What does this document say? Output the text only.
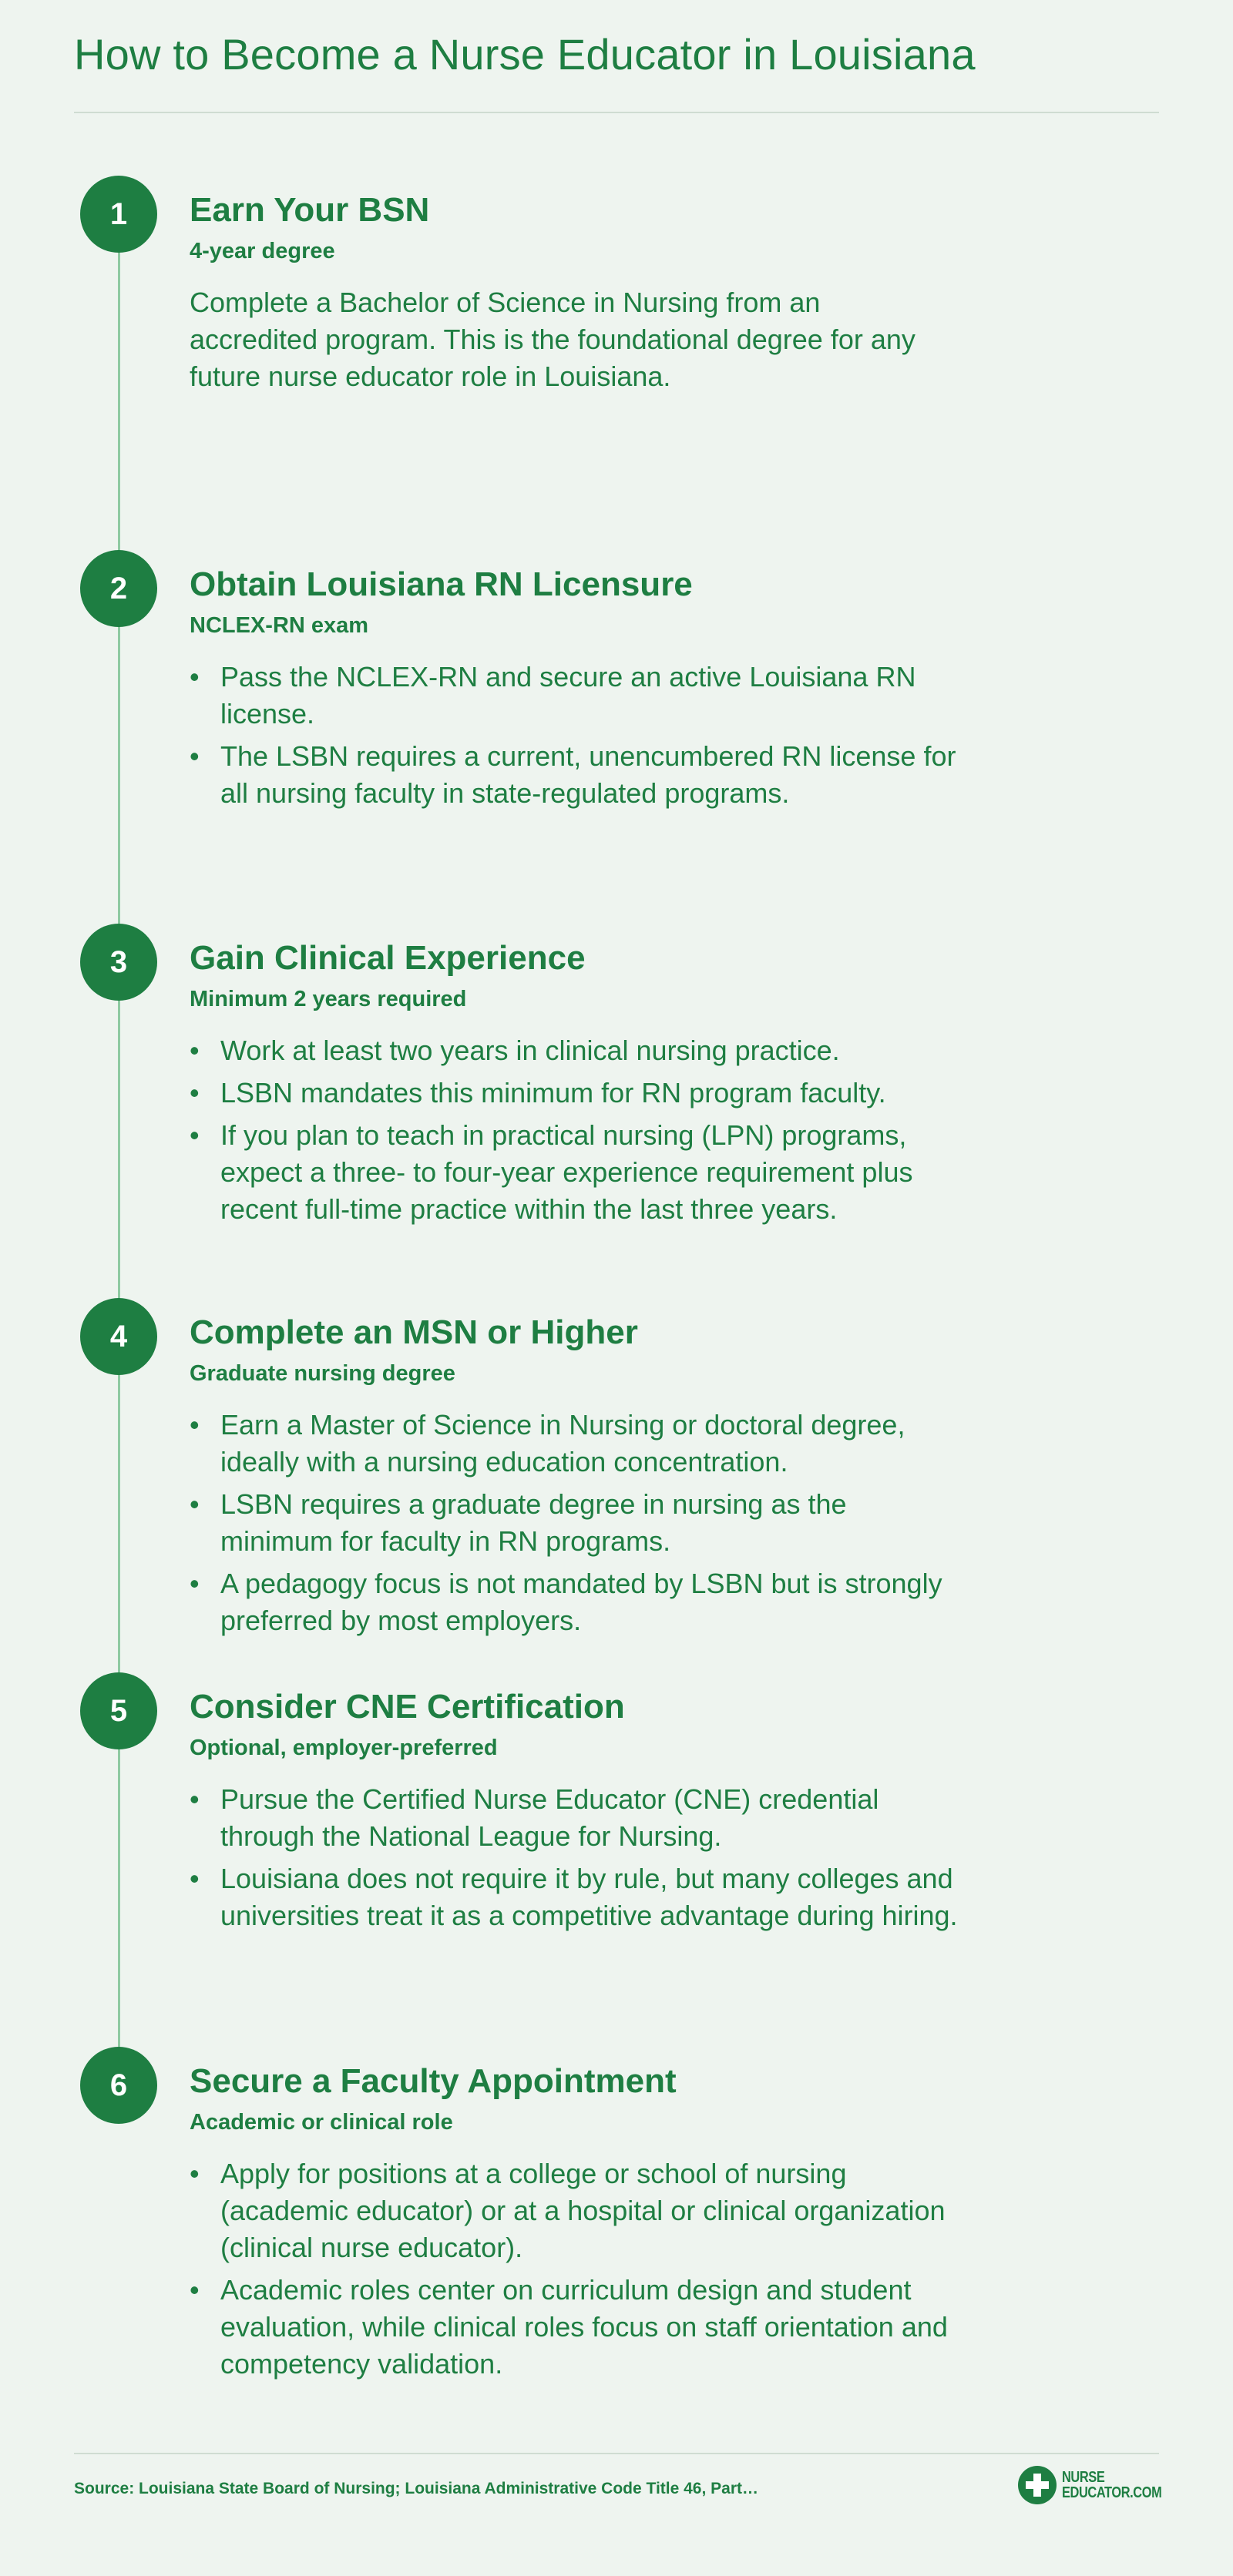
How to Become a Nurse Educator in Louisiana
1	Earn Your BSN
4-year degree

Complete a Bachelor of Science in Nursing from an accredited program. This is the foundational degree for any future nurse educator role in Louisiana.

2	Obtain Louisiana RN Licensure
NCLEX-RN exam
• Pass the NCLEX-RN and secure an active Louisiana RN license.
• The LSBN requires a current, unencumbered RN license for all nursing faculty in state-regulated programs.
3	Gain Clinical Experience
Minimum 2 years required
• Work at least two years in clinical nursing practice.
• LSBN mandates this minimum for RN program faculty.
• If you plan to teach in practical nursing (LPN) programs, expect a three- to four-year experience requirement plus recent full-time practice within the last three years.
4	Complete an MSN or Higher
Graduate nursing degree
• Earn a Master of Science in Nursing or doctoral degree, ideally with a nursing education concentration.
• LSBN requires a graduate degree in nursing as the minimum for faculty in RN programs.
• A pedagogy focus is not mandated by LSBN but is strongly preferred by most employers.
5	Consider CNE Certification
Optional, employer-preferred
• Pursue the Certified Nurse Educator (CNE) credential through the National League for Nursing.
• Louisiana does not require it by rule, but many colleges and universities treat it as a competitive advantage during hiring.
6	Secure a Faculty Appointment
Academic or clinical role
• Apply for positions at a college or school of nursing (academic educator) or at a hospital or clinical organization (clinical nurse educator).
• Academic roles center on curriculum design and student evaluation, while clinical roles focus on staff orientation and competency validation.
Source: Louisiana State Board of Nursing; Louisiana Administrative Code Title 46, Part…
NURSE
EDUCATOR.COM
